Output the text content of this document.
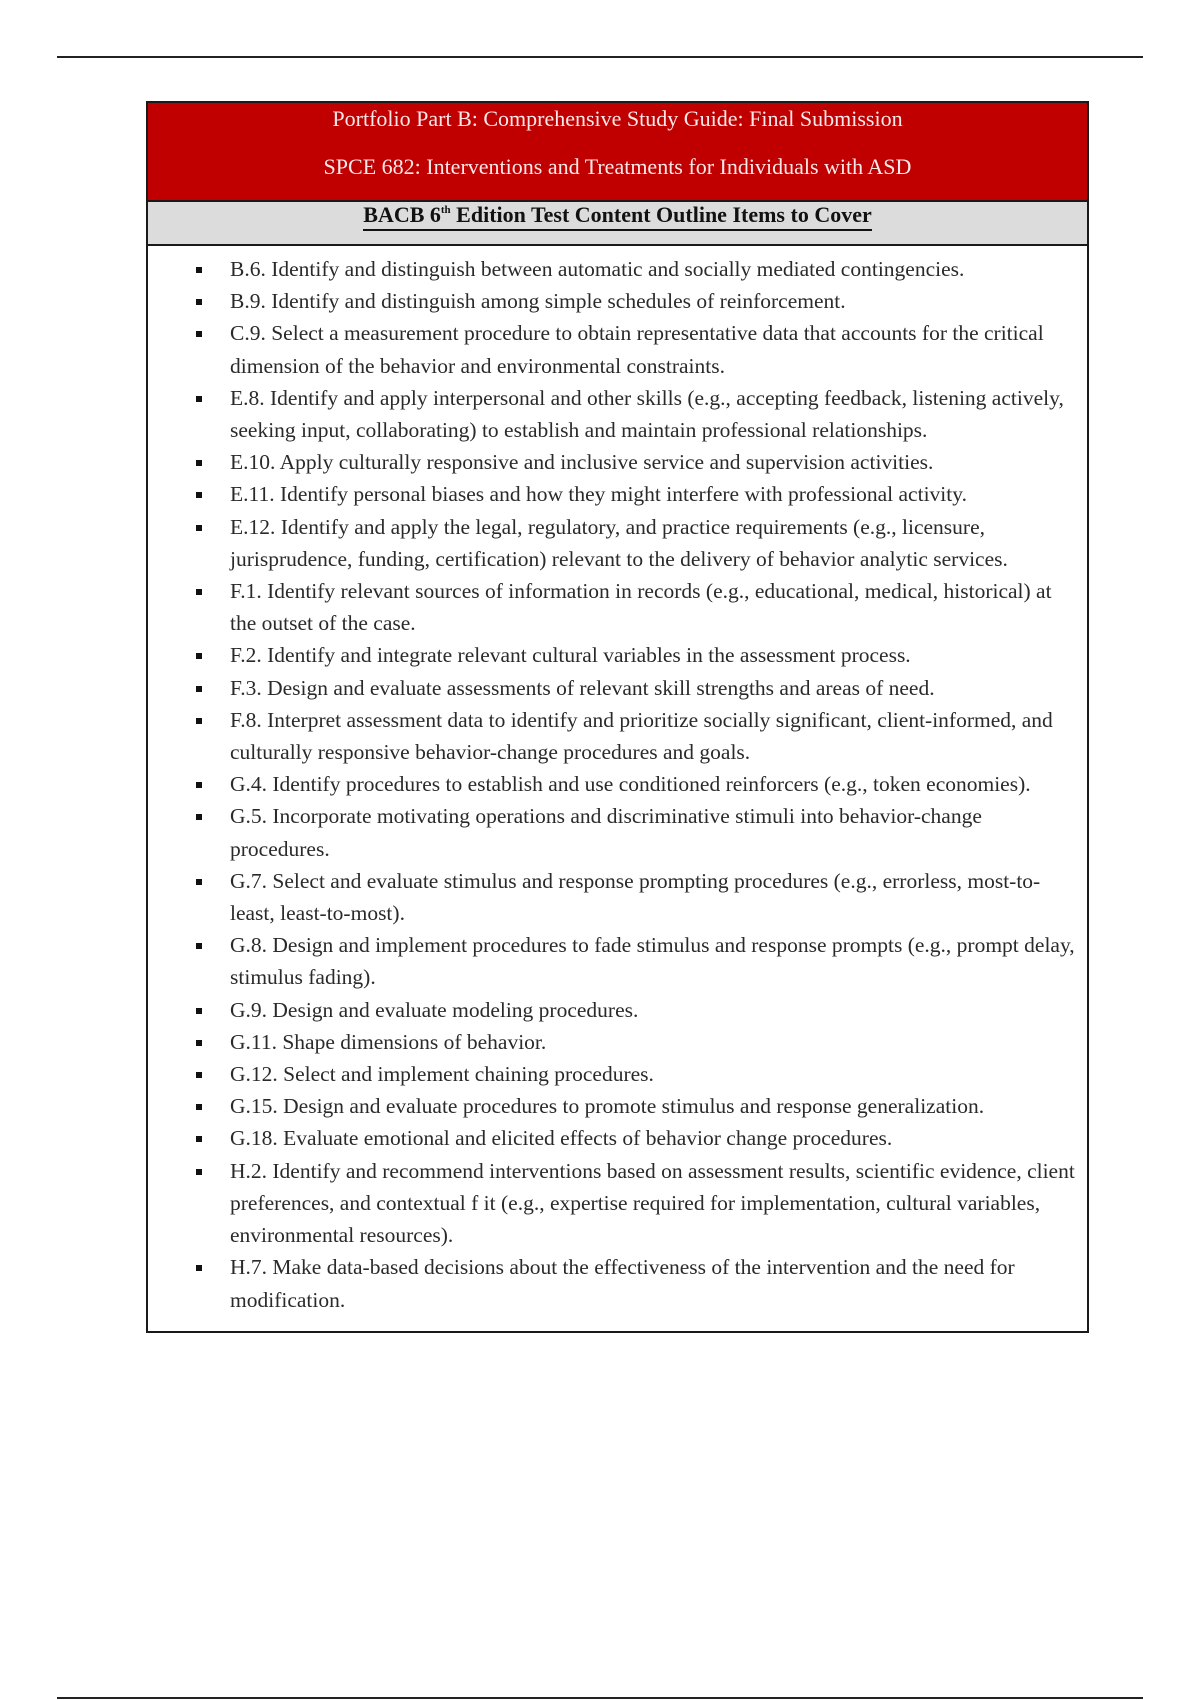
Portfolio Part B: Comprehensive Study Guide: Final Submission
SPCE 682: Interventions and Treatments for Individuals with ASD
BACB 6th Edition Test Content Outline Items to Cover
B.6. Identify and distinguish between automatic and socially mediated contingencies.
B.9. Identify and distinguish among simple schedules of reinforcement.
C.9. Select a measurement procedure to obtain representative data that accounts for the critical dimension of the behavior and environmental constraints.
E.8. Identify and apply interpersonal and other skills (e.g., accepting feedback, listening actively, seeking input, collaborating) to establish and maintain professional relationships.
E.10. Apply culturally responsive and inclusive service and supervision activities.
E.11. Identify personal biases and how they might interfere with professional activity.
E.12. Identify and apply the legal, regulatory, and practice requirements (e.g., licensure, jurisprudence, funding, certification) relevant to the delivery of behavior analytic services.
F.1. Identify relevant sources of information in records (e.g., educational, medical, historical) at the outset of the case.
F.2. Identify and integrate relevant cultural variables in the assessment process.
F.3. Design and evaluate assessments of relevant skill strengths and areas of need.
F.8. Interpret assessment data to identify and prioritize socially significant, client-informed, and culturally responsive behavior-change procedures and goals.
G.4. Identify procedures to establish and use conditioned reinforcers (e.g., token economies).
G.5. Incorporate motivating operations and discriminative stimuli into behavior-change procedures.
G.7. Select and evaluate stimulus and response prompting procedures (e.g., errorless, most-to-least, least-to-most).
G.8. Design and implement procedures to fade stimulus and response prompts (e.g., prompt delay, stimulus fading).
G.9. Design and evaluate modeling procedures.
G.11. Shape dimensions of behavior.
G.12. Select and implement chaining procedures.
G.15. Design and evaluate procedures to promote stimulus and response generalization.
G.18. Evaluate emotional and elicited effects of behavior change procedures.
H.2. Identify and recommend interventions based on assessment results, scientific evidence, client preferences, and contextual f it (e.g., expertise required for implementation, cultural variables, environmental resources).
H.7. Make data-based decisions about the effectiveness of the intervention and the need for modification.
